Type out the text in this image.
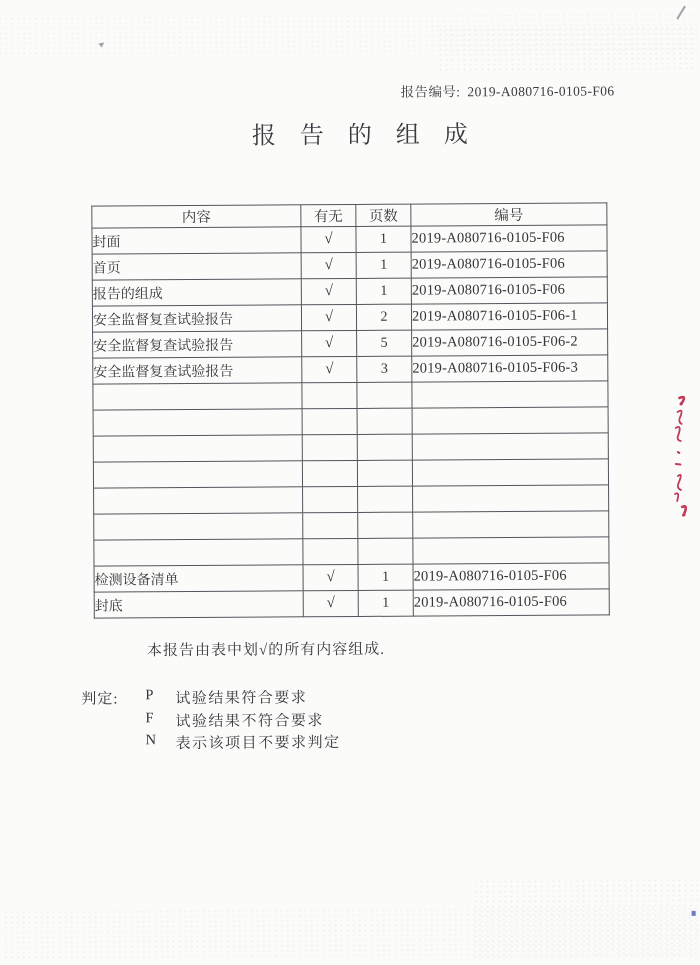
报告编号: 2019-A080716-0105-F06
报 告 的 组 成
内容	有无	页数	编号
封面	√	1	2019-A080716-0105-F06
首页	√	1	2019-A080716-0105-F06
报告的组成	√	1	2019-A080716-0105-F06
安全监督复查试验报告	√	2	2019-A080716-0105-F06-1
安全监督复查试验报告	√	5	2019-A080716-0105-F06-2
安全监督复查试验报告	√	3	2019-A080716-0105-F06-3

检测设备清单	√	1	2019-A080716-0105-F06
封底	√	1	2019-A080716-0105-F06
本报告由表中划√的所有内容组成.
判定: P	试验结果符合要求
F	试验结果不符合要求
N	表示该项目不要求判定
